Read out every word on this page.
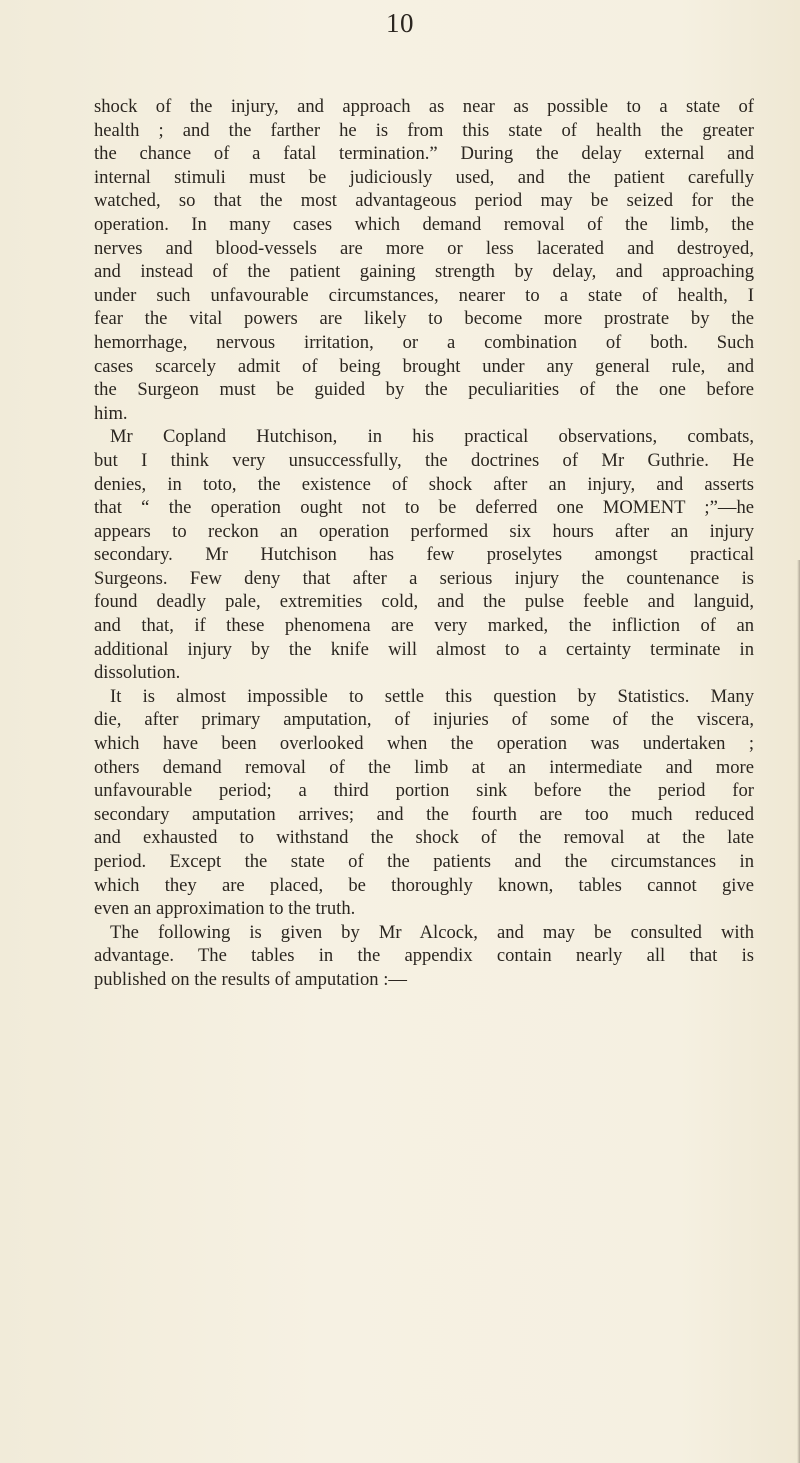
10
shock of the injury, and approach as near as possible to a state of
health ; and the farther he is from this state of health the greater
the chance of a fatal termination.” During the delay external and
internal stimuli must be judiciously used, and the patient carefully
watched, so that the most advantageous period may be seized for the
operation. In many cases which demand removal of the limb, the
nerves and blood-vessels are more or less lacerated and destroyed,
and instead of the patient gaining strength by delay, and approaching
under such unfavourable circumstances, nearer to a state of health, I
fear the vital powers are likely to become more prostrate by the
hemorrhage, nervous irritation, or a combination of both. Such
cases scarcely admit of being brought under any general rule, and
the Surgeon must be guided by the peculiarities of the one before
him.
Mr Copland Hutchison, in his practical observations, combats,
but I think very unsuccessfully, the doctrines of Mr Guthrie. He
denies, in toto, the existence of shock after an injury, and asserts
that “ the operation ought not to be deferred one MOMENT ;”—he
appears to reckon an operation performed six hours after an injury
secondary. Mr Hutchison has few proselytes amongst practical
Surgeons. Few deny that after a serious injury the countenance is
found deadly pale, extremities cold, and the pulse feeble and languid,
and that, if these phenomena are very marked, the infliction of an
additional injury by the knife will almost to a certainty terminate in
dissolution.
It is almost impossible to settle this question by Statistics. Many
die, after primary amputation, of injuries of some of the viscera,
which have been overlooked when the operation was undertaken ;
others demand removal of the limb at an intermediate and more
unfavourable period; a third portion sink before the period for
secondary amputation arrives; and the fourth are too much reduced
and exhausted to withstand the shock of the removal at the late
period. Except the state of the patients and the circumstances in
which they are placed, be thoroughly known, tables cannot give
even an approximation to the truth.
The following is given by Mr Alcock, and may be consulted with
advantage. The tables in the appendix contain nearly all that is
published on the results of amputation :—
